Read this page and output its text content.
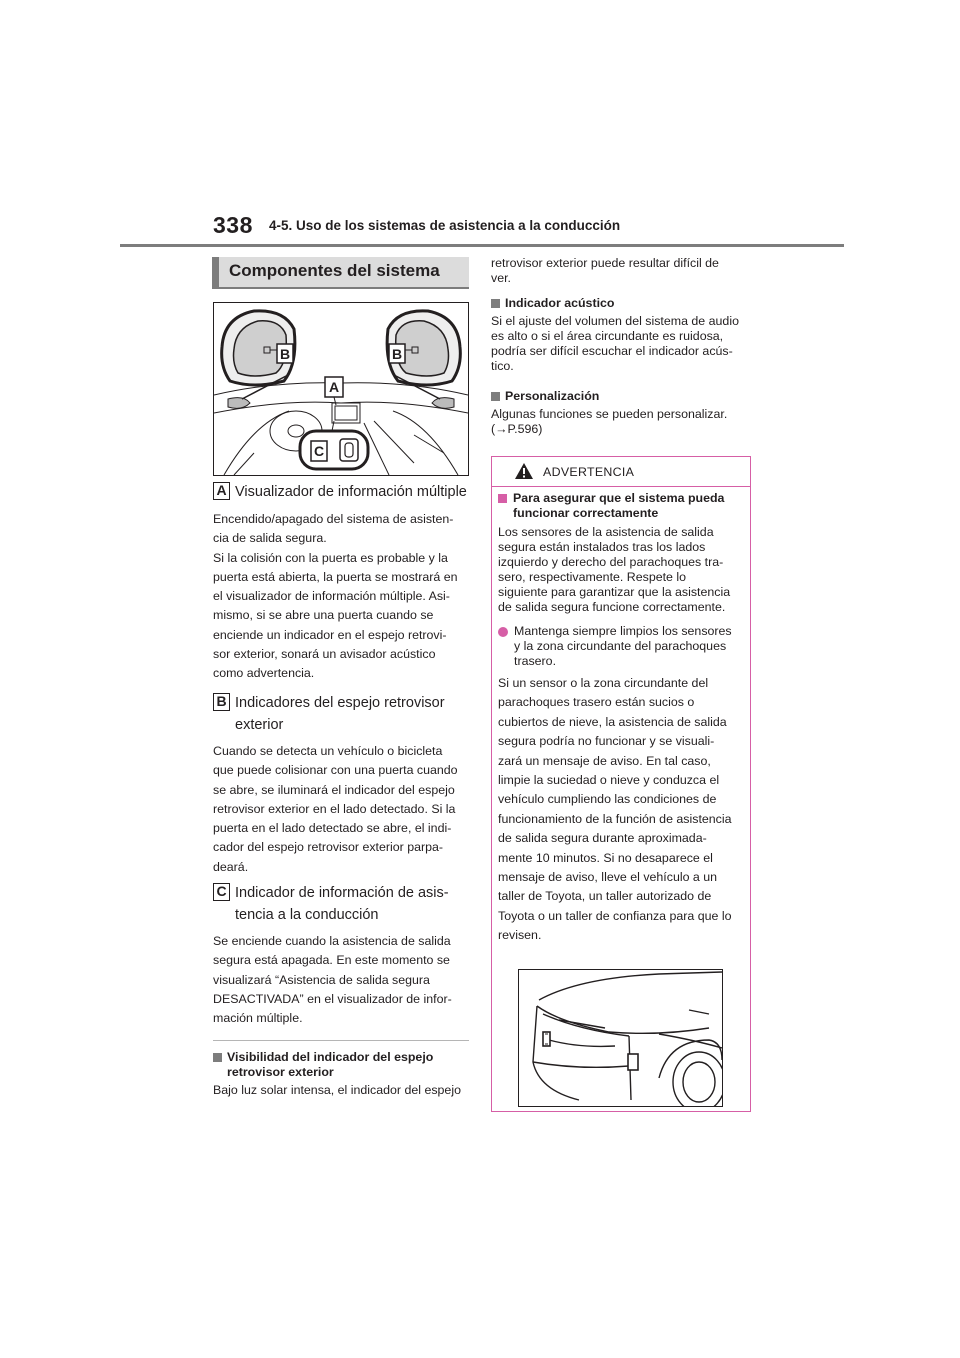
338 4-5. Uso de los sistemas de asistencia a la conducción
Componentes del sistema
B	B
A
C
A Visualizador de información múltiple

Encendido/apagado del sistema de asisten-

cia de salida segura.

Si la colisión con la puerta es probable y la

puerta está abierta, la puerta se mostrará en

el visualizador de información múltiple. Asi-

mismo, si se abre una puerta cuando se

enciende un indicador en el espejo retrovi-

sor exterior, sonará un avisador acústico

como advertencia.

B Indicadores del espejo retrovisor
exterior

Cuando se detecta un vehículo o bicicleta

que puede colisionar con una puerta cuando

se abre, se iluminará el indicador del espejo

retrovisor exterior en el lado detectado. Si la

puerta en el lado detectado se abre, el indi-

cador del espejo retrovisor exterior parpa-

deará.

C Indicador de información de asis-
tencia a la conducción

Se enciende cuando la asistencia de salida

segura está apagada. En este momento se

visualizará “Asistencia de salida segura

DESACTIVADA” en el visualizador de infor-

mación múltiple.

Visibilidad del indicador del espejo
retrovisor exterior
Bajo luz solar intensa, el indicador del espejo
retrovisor exterior puede resultar difícil de
ver.
Indicador acústico
Si el ajuste del volumen del sistema de audio
es alto o si el área circundante es ruidosa,
podría ser difícil escuchar el indicador acús-
tico.
Personalización
Algunas funciones se pueden personalizar.
(→P.596)
ADVERTENCIA
Para asegurar que el sistema pueda
funcionar correctamente

Los sensores de la asistencia de salida

segura están instalados tras los lados

izquierdo y derecho del parachoques tra-

sero, respectivamente. Respete lo

siguiente para garantizar que la asistencia

de salida segura funcione correctamente.

Mantenga siempre limpios los sensores
y la zona circundante del parachoques
trasero.

Si un sensor o la zona circundante del

parachoques trasero están sucios o

cubiertos de nieve, la asistencia de salida

segura podría no funcionar y se visuali-

zará un mensaje de aviso. En tal caso,

limpie la suciedad o nieve y conduzca el

vehículo cumpliendo las condiciones de

funcionamiento de la función de asistencia

de salida segura durante aproximada-

mente 10 minutos. Si no desaparece el

mensaje de aviso, lleve el vehículo a un

taller de Toyota, un taller autorizado de

Toyota o un taller de confianza para que lo

revisen.
